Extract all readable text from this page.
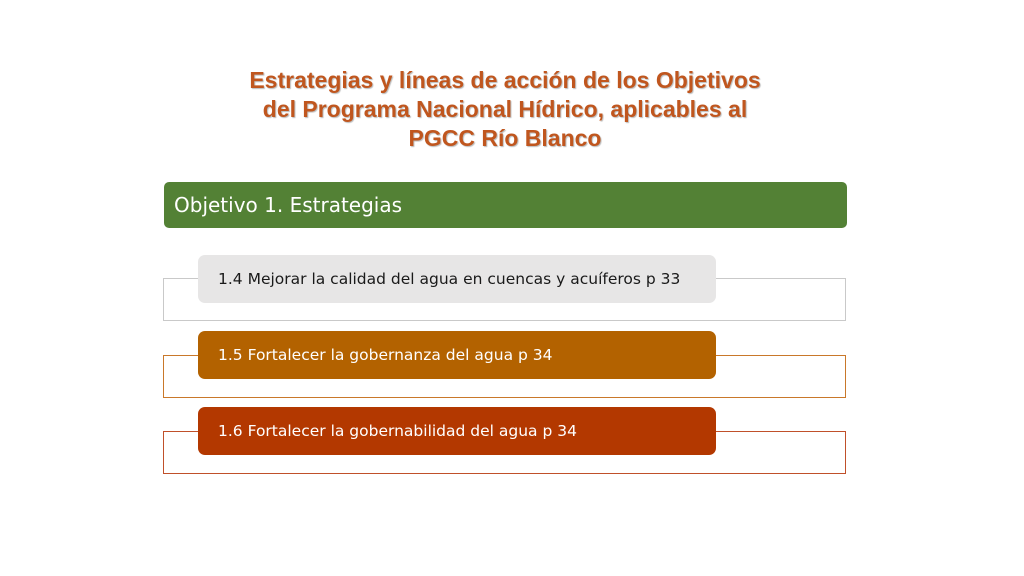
Estrategias y líneas de acción de los Objetivos
del Programa Nacional Hídrico, aplicables al
PGCC Río Blanco
Objetivo 1. Estrategias
1.4 Mejorar la calidad del agua en cuencas y acuíferos p 33
1.5 Fortalecer la gobernanza del agua p 34
1.6 Fortalecer la gobernabilidad del agua p 34
